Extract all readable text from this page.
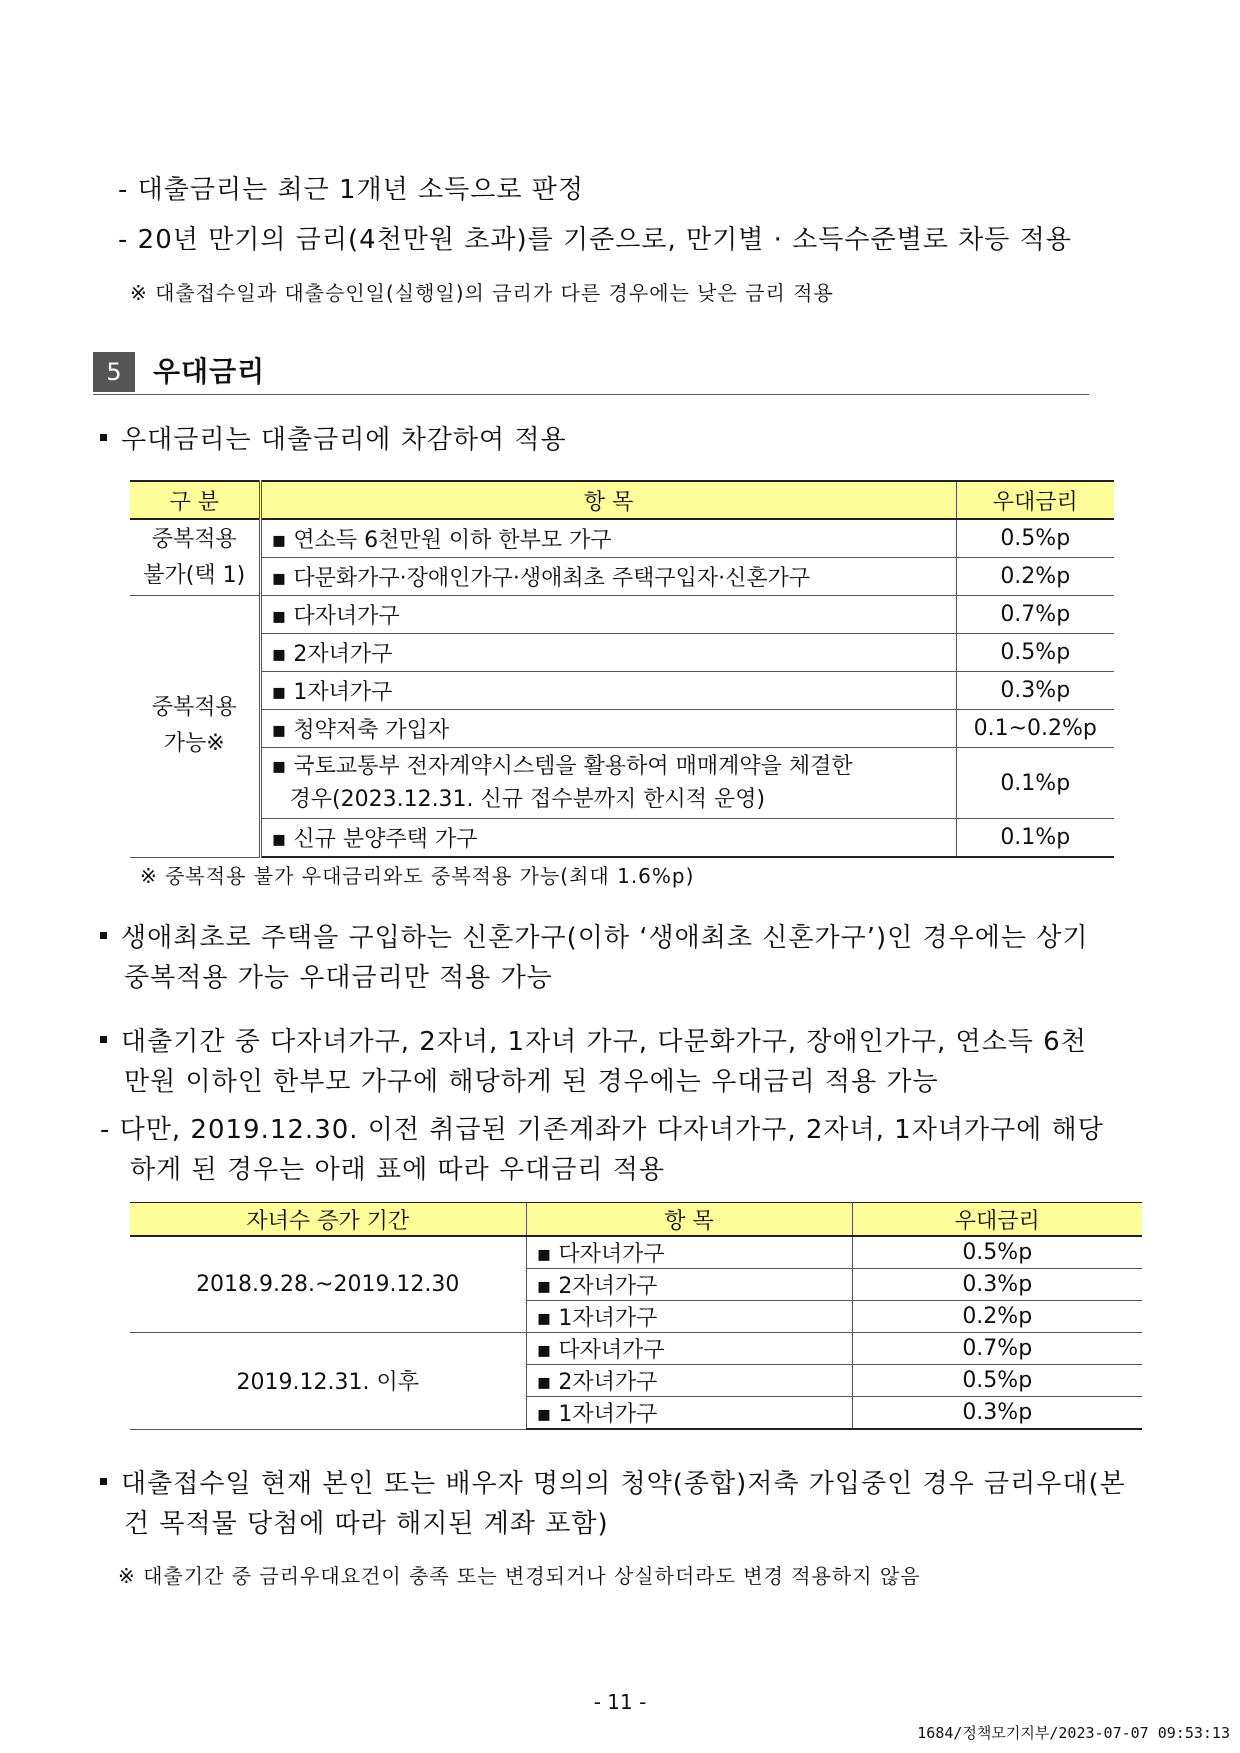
- 대출금리는 최근 1개년 소득으로 판정
- 20년 만기의 금리(4천만원 초과)를 기준으로, 만기별 · 소득수준별로 차등 적용
※ 대출접수일과 대출승인일(실행일)의 금리가 다른 경우에는 낮은 금리 적용
5	우대금리
우대금리는 대출금리에 차감하여 적용
구 분	항 목	우대금리

중복적용
불가(택 1)	▪ 연소득 6천만원 이하 한부모 가구	0.5%p
	▪ 다문화가구·장애인가구·생애최초 주택구입자·신혼가구	0.2%p

중복적용
가능※	▪ 다자녀가구	0.7%p
	▪ 2자녀가구	0.5%p
	▪ 1자녀가구	0.3%p
	▪ 청약저축 가입자	0.1~0.2%p

	▪ 국토교통부 전자계약시스템을 활용하여 매매계약을 체결한
경우(2023.12.31. 신규 접수분까지 한시적 운영)	0.1%p
	▪ 신규 분양주택 가구	0.1%p
※ 중복적용 불가 우대금리와도 중복적용 가능(최대 1.6%p)
생애최초로 주택을 구입하는 신혼가구(이하 ‘생애최초 신혼가구’)인 경우에는 상기
중복적용 가능 우대금리만 적용 가능
대출기간 중 다자녀가구, 2자녀, 1자녀 가구, 다문화가구, 장애인가구, 연소득 6천
만원 이하인 한부모 가구에 해당하게 된 경우에는 우대금리 적용 가능
- 다만, 2019.12.30. 이전 취급된 기존계좌가 다자녀가구, 2자녀, 1자녀가구에 해당
하게 된 경우는 아래 표에 따라 우대금리 적용
자녀수 증가 기간	항 목	우대금리
2018.9.28.~2019.12.30	▪ 다자녀가구	0.5%p
	▪ 2자녀가구	0.3%p
	▪ 1자녀가구	0.2%p
2019.12.31. 이후	▪ 다자녀가구	0.7%p
	▪ 2자녀가구	0.5%p
	▪ 1자녀가구	0.3%p
대출접수일 현재 본인 또는 배우자 명의의 청약(종합)저축 가입중인 경우 금리우대(본
건 목적물 당첨에 따라 해지된 계좌 포함)
※ 대출기간 중 금리우대요건이 충족 또는 변경되거나 상실하더라도 변경 적용하지 않음
- 11 -
1684/정책모기지부/2023-07-07 09:53:13
